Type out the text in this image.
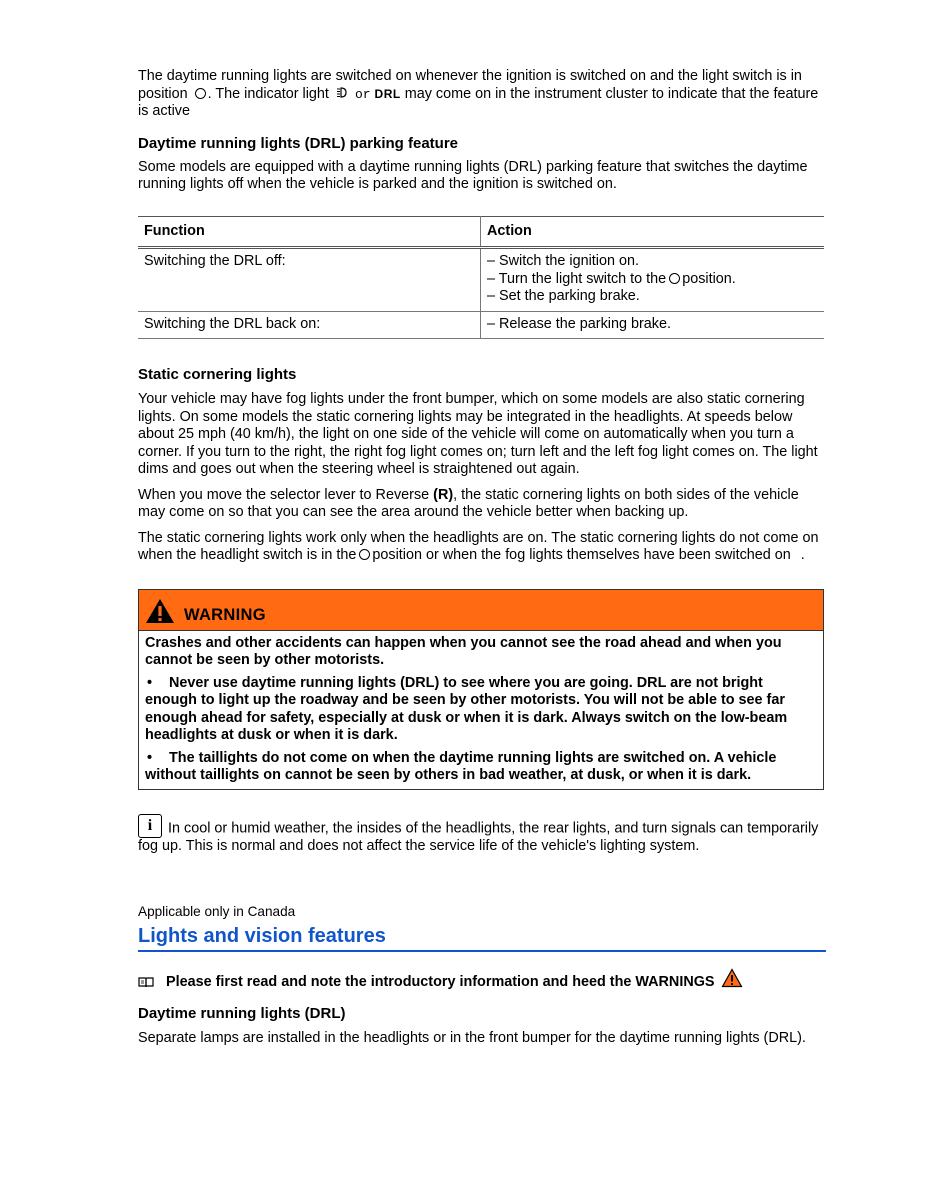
The daytime running lights are switched on whenever the ignition is switched on and the light switch is in position . The indicator light or DRL may come on in the instrument cluster to indicate that the feature is active

Daytime running lights (DRL) parking feature

Some models are equipped with a daytime running lights (DRL) parking feature that switches the daytime running lights off when the vehicle is parked and the ignition is switched on.

Function	Action
Switching the DRL off:	– Switch the ignition on.
– Turn the light switch to the position.
– Set the parking brake.

Switching the DRL back on:	– Release the parking brake.
Static cornering lights

Your vehicle may have fog lights under the front bumper, which on some models are also static cornering lights. On some models the static cornering lights may be integrated in the headlights. At speeds below about 25 mph (40 km/h), the light on one side of the vehicle will come on automatically when you turn a corner. If you turn to the right, the right fog light comes on; turn left and the left fog light comes on. The light dims and goes out when the steering wheel is straightened out again.

When you move the selector lever to Reverse (R), the static cornering lights on both sides of the vehicle may come on so that you can see the area around the vehicle better when backing up.

The static cornering lights work only when the headlights are on. The static cornering lights do not come on when the headlight switch is in the position or when the fog lights themselves have been switched on .

WARNING

Crashes and other accidents can happen when you cannot see the road ahead and when you cannot be seen by other motorists.

• Never use daytime running lights (DRL) to see where you are going. DRL are not bright enough to light up the roadway and be seen by other motorists. You will not be able to see far enough ahead for safety, especially at dusk or when it is dark. Always switch on the low-beam headlights at dusk or when it is dark.

• The taillights do not come on when the daytime running lights are switched on. A vehicle without taillights on cannot be seen by others in bad weather, at dusk, or when it is dark.

i In cool or humid weather, the insides of the headlights, the rear lights, and turn signals can temporarily fog up. This is normal and does not affect the service life of the vehicle's lighting system.

Applicable only in Canada

Lights and vision features

Please first read and note the introductory information and heed the WARNINGS

Daytime running lights (DRL)

Separate lamps are installed in the headlights or in the front bumper for the daytime running lights (DRL).
